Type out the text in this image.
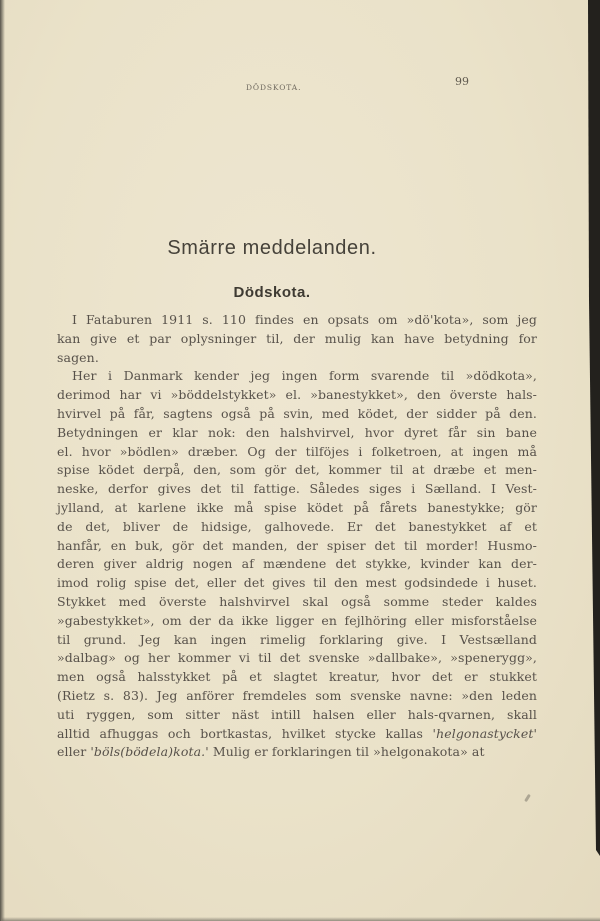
DÖDSKOTA.	99
Smärre meddelanden.
Dödskota.
I Fataburen 1911 s. 110 findes en opsats om »dö'kota», som jeg
kan give et par oplysninger til, der mulig kan have betydning for
sagen.
Her i Danmark kender jeg ingen form svarende til »dödkota»,
derimod har vi »böddelstykket» el. »banestykket», den överste hals-
hvirvel på får, sagtens også på svin, med ködet, der sidder på den.
Betydningen er klar nok: den halshvirvel, hvor dyret får sin bane
el. hvor »bödlen» dræber. Og der tilföjes i folketroen, at ingen må
spise ködet derpå, den, som gör det, kommer til at dræbe et men-
neske, derfor gives det til fattige. Således siges i Sælland. I Vest-
jylland, at karlene ikke må spise ködet på fårets banestykke; gör
de det, bliver de hidsige, galhovede. Er det banestykket af et
hanfår, en buk, gör det manden, der spiser det til morder! Husmo-
deren giver aldrig nogen af mændene det stykke, kvinder kan der-
imod rolig spise det, eller det gives til den mest godsindede i huset.
Stykket med överste halshvirvel skal også somme steder kaldes
»gabestykket», om der da ikke ligger en fejlhöring eller misforståelse
til grund. Jeg kan ingen rimelig forklaring give. I Vestsælland
»dalbag» og her kommer vi til det svenske »dallbake», »spenerygg»,
men også halsstykket på et slagtet kreatur, hvor det er stukket
(Rietz s. 83). Jeg anförer fremdeles som svenske navne: »den leden
uti ryggen, som sitter näst intill halsen eller hals-qvarnen, skall
alltid afhuggas och bortkastas, hvilket stycke kallas 'helgonastycket'
eller 'böls(bödela)kota.' Mulig er forklaringen til »helgonakota» at
